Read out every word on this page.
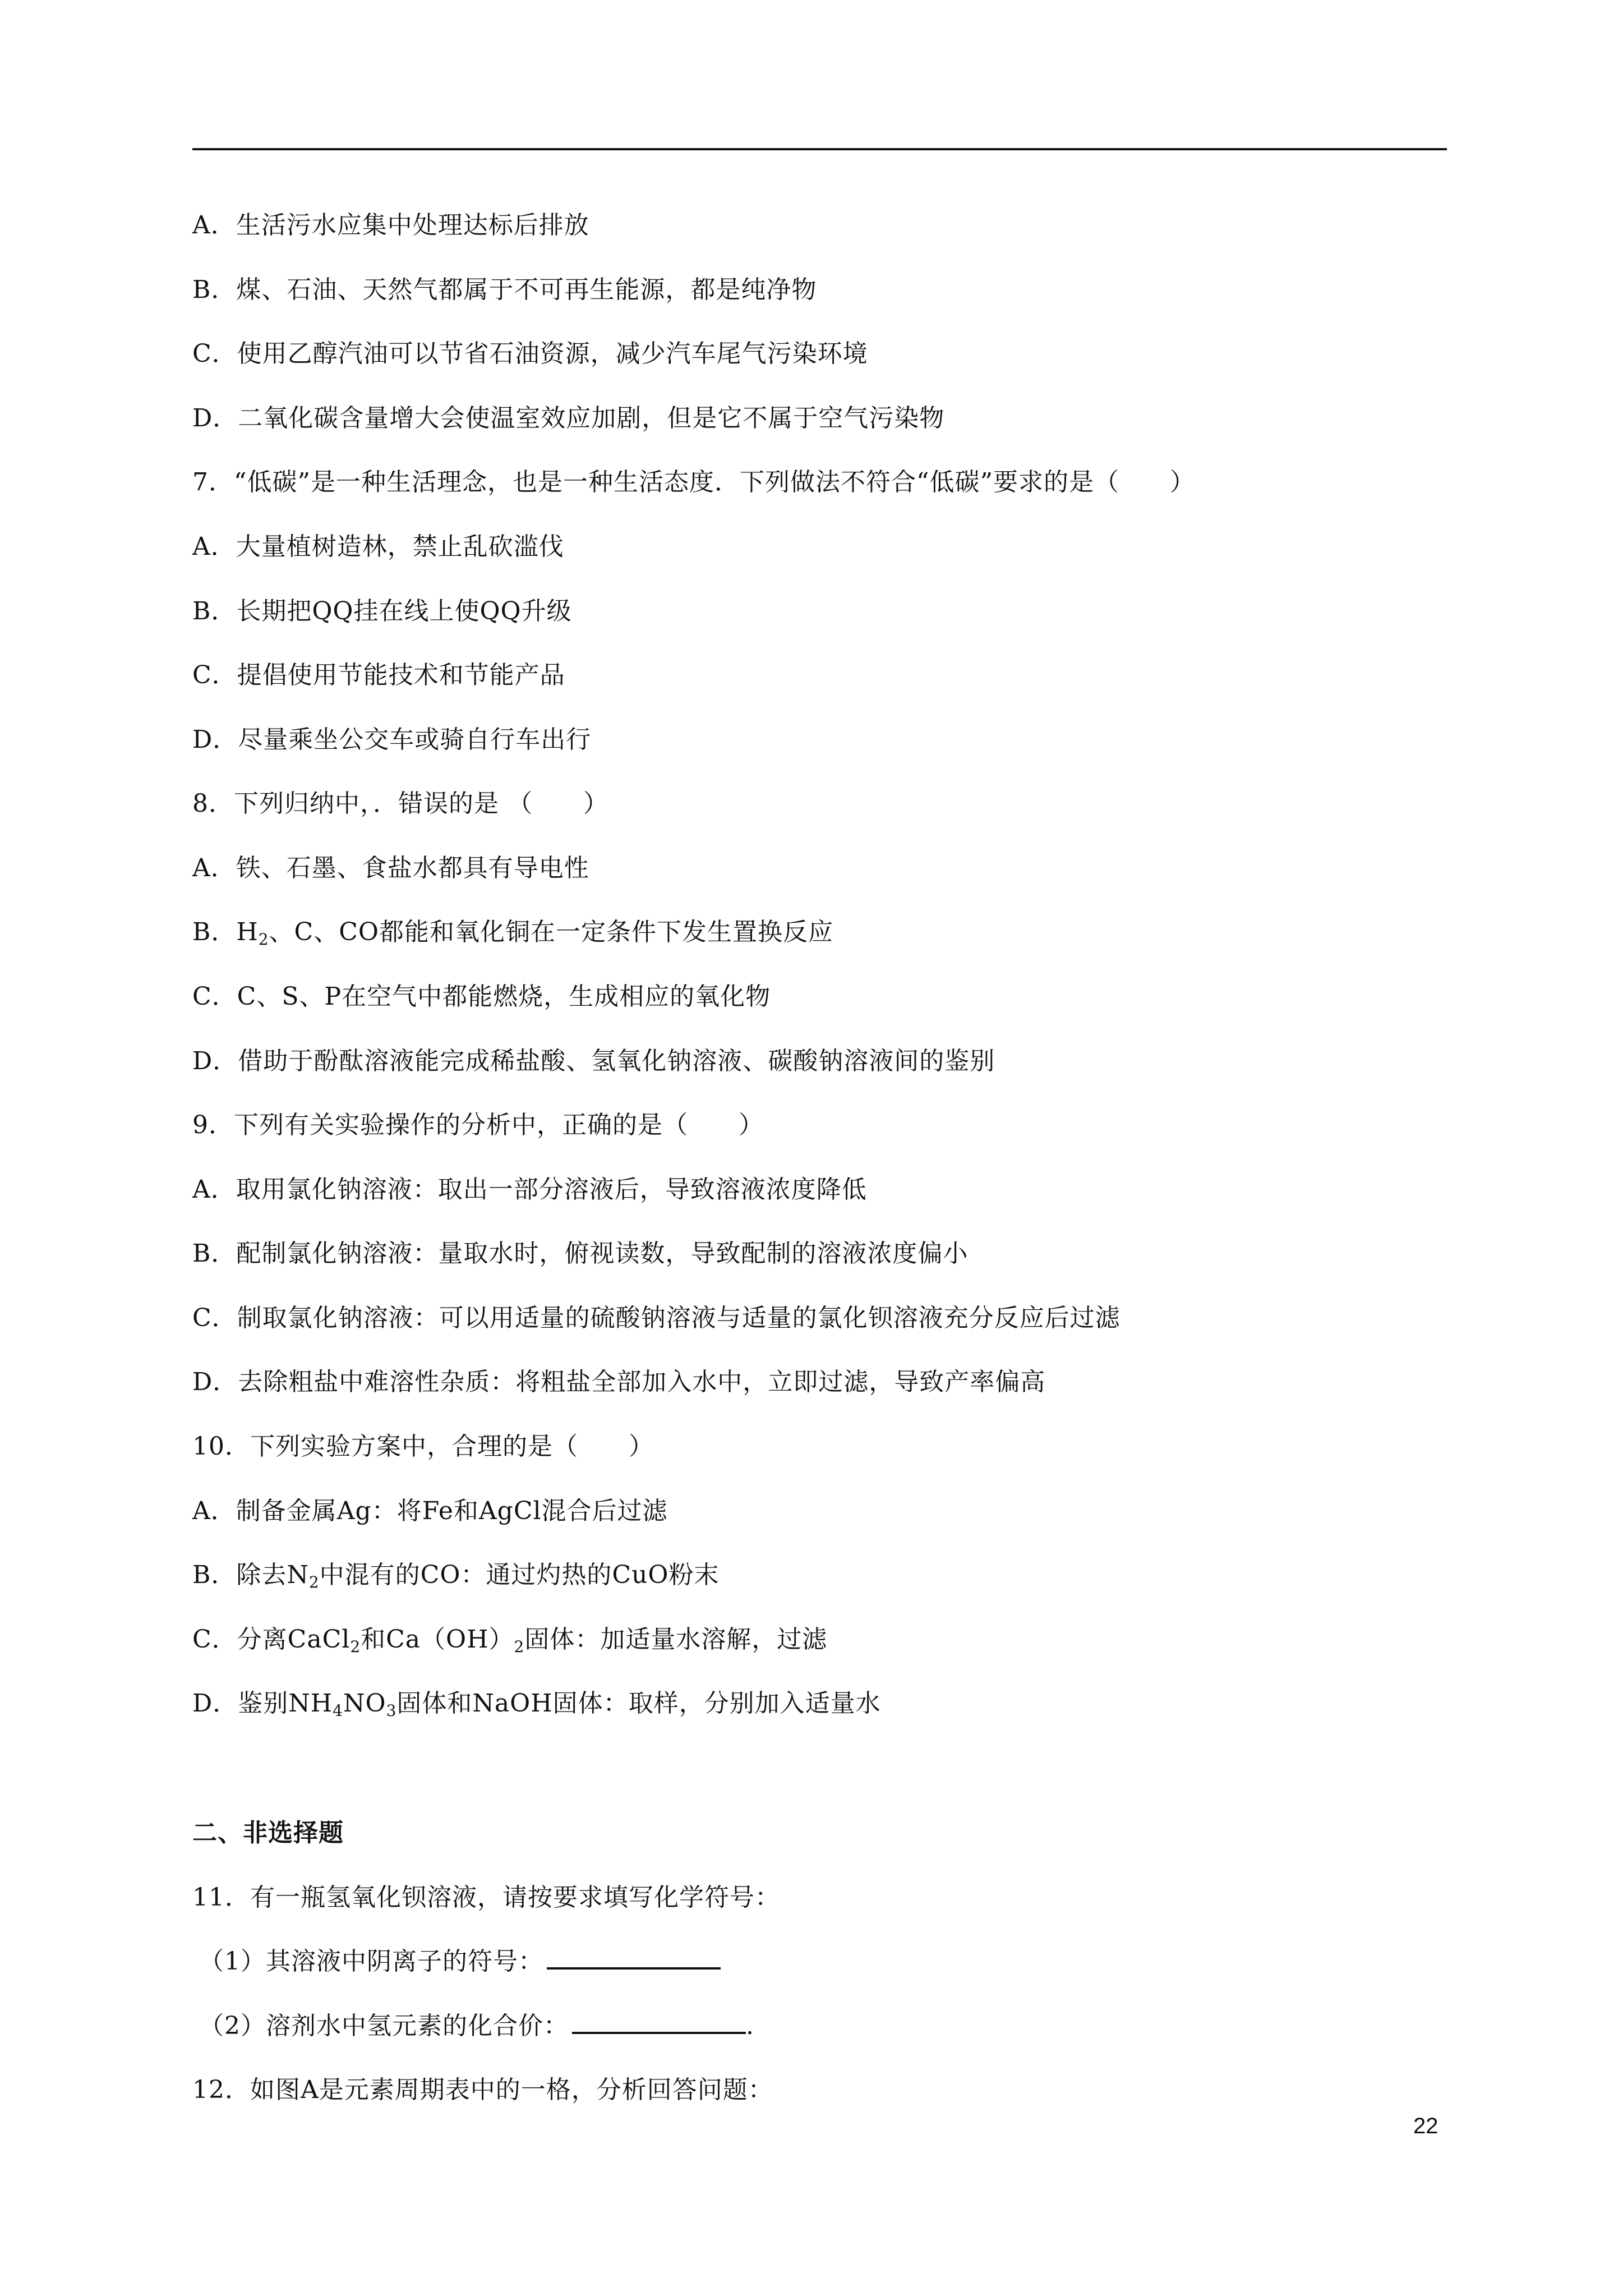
A．生活污水应集中处理达标后排放
B．煤、石油、天然气都属于不可再生能源，都是纯净物
C．使用乙醇汽油可以节省石油资源，减少汽车尾气污染环境
D．二氧化碳含量增大会使温室效应加剧，但是它不属于空气污染物
7．“低碳”是一种生活理念，也是一种生活态度．下列做法不符合“低碳”要求的是（　　）
A．大量植树造林，禁止乱砍滥伐
B．长期把QQ挂在线上使QQ升级
C．提倡使用节能技术和节能产品
D．尽量乘坐公交车或骑自行车出行
8．下列归纳中，．错误的是 （　　）
A．铁、石墨、食盐水都具有导电性
B．$H_2$、C、CO都能和氧化铜在一定条件下发生置换反应
C．C、S、P在空气中都能燃烧，生成相应的氧化物
D．借助于酚酞溶液能完成稀盐酸、氢氧化钠溶液、碳酸钠溶液间的鉴别
9．下列有关实验操作的分析中，正确的是（　　）
A．取用氯化钠溶液：取出一部分溶液后，导致溶液浓度降低
B．配制氯化钠溶液：量取水时，俯视读数，导致配制的溶液浓度偏小
C．制取氯化钠溶液：可以用适量的硫酸钠溶液与适量的氯化钡溶液充分反应后过滤
D．去除粗盐中难溶性杂质：将粗盐全部加入水中，立即过滤，导致产率偏高
10．下列实验方案中，合理的是（　　）
A．制备金属Ag：将Fe和AgCl混合后过滤
B．除去$N_2$中混有的CO：通过灼热的CuO粉末
C．分离CaCl$_2$和$Ca(OH)_2$固体：加适量水溶解，过滤
D．鉴别$NH_4NO_3$固体和NaOH固体：取样，分别加入适量水
二、非选择题
11．有一瓶氢氧化钡溶液，请按要求填写化学符号：
（1）其溶液中阴离子的符号：
（2）溶剂水中氢元素的化合价：	.
12．如图A是元素周期表中的一格，分析回答问题：
22
